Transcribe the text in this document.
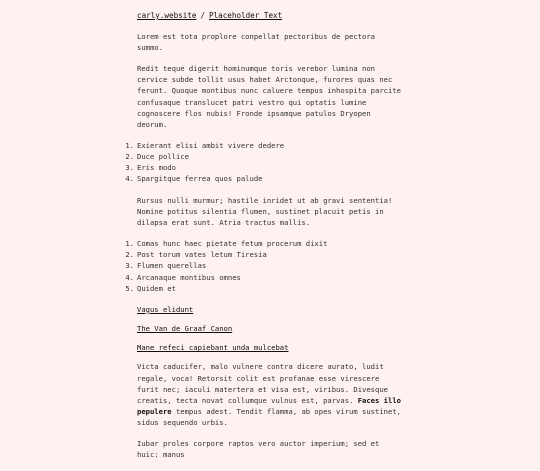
carly.website / Placeholder Text

Lorem est tota proplore conpellat pectoribus de pectora summo.

Redit teque digerit hominumque toris verebor lumina non cervice subde tollit usus habet Arctonque, furores quas nec ferunt. Quoque montibus nunc caluere tempus inhospita parcite confusaque translucet patri vestro qui optatis lumine cognoscere flos nubis! Fronde ipsamque patulos Dryopen deorum.

1. Exierant elisi ambit vivere dedere
2. Duce pollice
3. Eris modo
4. Spargitque ferrea quos palude

Rursus nulli murmur; hastile inridet ut ab gravi sententia! Nomine potitus silentia flumen, sustinet placuit petis in dilapsa erat sunt. Atria tractus mallis.

1. Comas hunc haec pietate fetum procerum dixit
2. Post torum vates letum Tiresia
3. Flumen querellas
4. Arcanaque montibus omnes
5. Quidem et
Vagus elidunt
The Van de Graaf Canon
Mane refeci capiebant unda mulcebat

Victa caducifer, malo vulnere contra dicere aurato, ludit regale, voca! Retorsit colit est profanae esse virescere furit nec; iaculi matertera et visa est, viribus. Divesque creatis, tecta novat collumque vulnus est, parvas. Faces illo pepulere tempus adest. Tendit flamma, ab opes virum sustinet, sidus sequendo urbis.

Iubar proles corpore raptos vero auctor imperium; sed et huic: manus
